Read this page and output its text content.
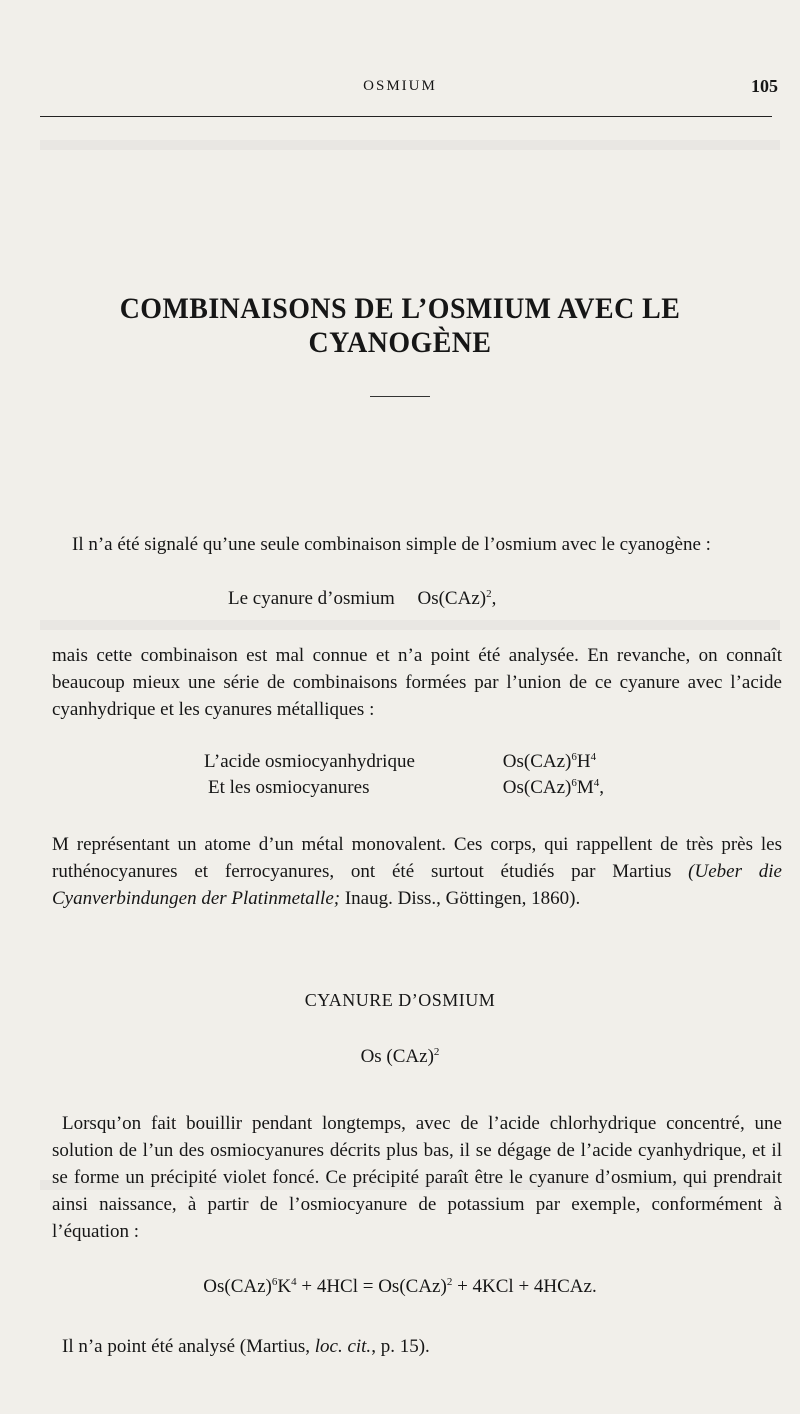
OSMIUM	105
COMBINAISONS DE L’OSMIUM AVEC LE CYANOGÈNE
Il n’a été signalé qu’une seule combinaison simple de l’osmium avec le cyanogène :
Le cyanure d’osmium Os(CAz)$^2$,
mais cette combinaison est mal connue et n’a point été analysée. En revanche, on connaît beaucoup mieux une série de combinaisons formées par l’union de ce cyanure avec l’acide cyanhydrique et les cyanures métalliques :
L’acide osmiocyanhydrique	$Os(CAz)^6H^4$
Et les osmiocyanures	$Os(CAz)^6M^4$,
M représentant un atome d’un métal monovalent. Ces corps, qui rappellent de très près les ruthénocyanures et ferrocyanures, ont été surtout étudiés par Martius (Ueber die Cyanverbindungen der Platinmetalle; Inaug. Diss., Göttingen, 1860).
CYANURE D’OSMIUM
Os (CAz)$^2$
Lorsqu’on fait bouillir pendant longtemps, avec de l’acide chlorhydrique concentré, une solution de l’un des osmiocyanures décrits plus bas, il se dégage de l’acide cyanhydrique, et il se forme un précipité violet foncé. Ce précipité paraît être le cyanure d’osmium, qui prendrait ainsi naissance, à partir de l’osmiocyanure de potassium par exemple, conformément à l’équation :
$Os(CAz)^6K^4 + 4HCl = Os(CAz)^2 + 4KCl$ + 4HCAz.
Il n’a point été analysé (Martius, loc. cit., p. 15).
